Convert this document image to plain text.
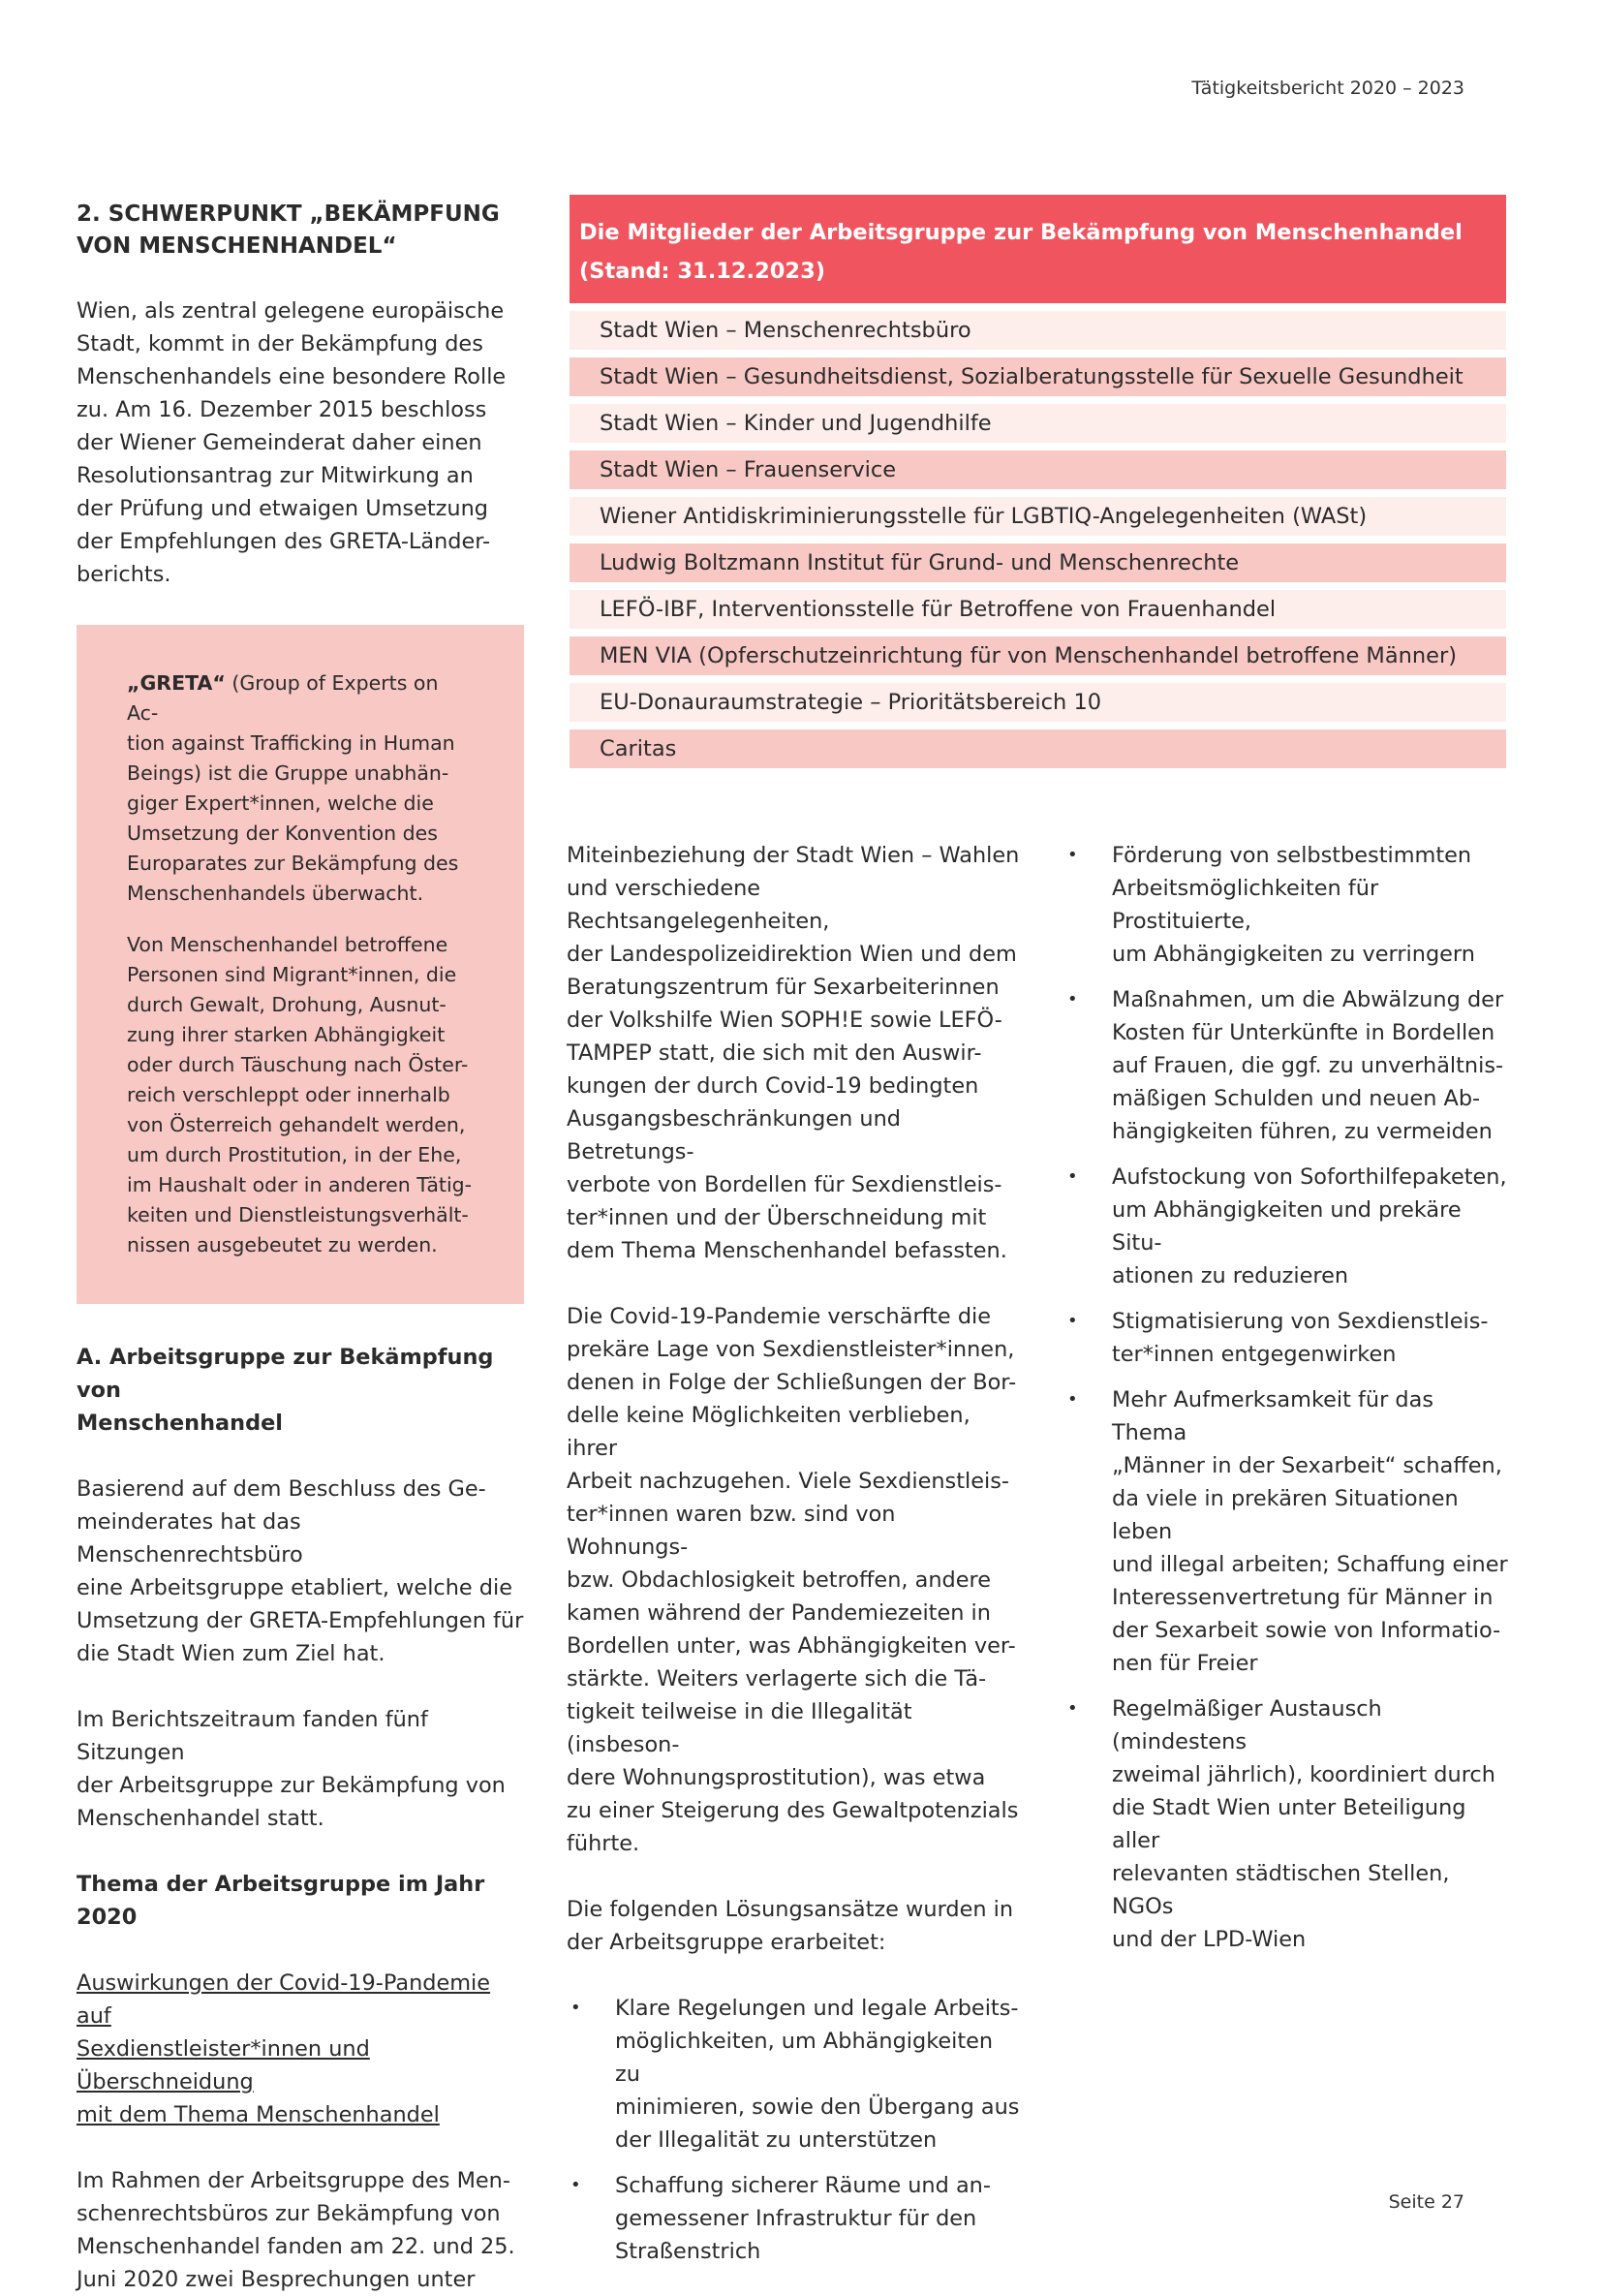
Tätigkeitsbericht 2020 – 2023

2. SCHWERPUNKT „BEKÄMPFUNG
VON MENSCHENHANDEL“

Wien, als zentral gelegene europäische
Stadt, kommt in der Bekämpfung des
Menschenhandels eine besondere Rolle
zu. Am 16. Dezember 2015 beschloss
der Wiener Gemeinderat daher einen
Resolutionsantrag zur Mitwirkung an
der Prüfung und etwaigen Umsetzung
der Empfehlungen des GRETA-Länder-
berichts.

„GRETA“ (Group of Experts on Ac-
tion against Trafficking in Human
Beings) ist die Gruppe unabhän-
giger Expert*innen, welche die
Umsetzung der Konvention des
Europarates zur Bekämpfung des
Menschenhandels überwacht.

Von Menschenhandel betroffene
Personen sind Migrant*innen, die
durch Gewalt, Drohung, Ausnut-
zung ihrer starken Abhängigkeit
oder durch Täuschung nach Öster-
reich verschleppt oder innerhalb
von Österreich gehandelt werden,
um durch Prostitution, in der Ehe,
im Haushalt oder in anderen Tätig-
keiten und Dienstleistungsverhält-
nissen ausgebeutet zu werden.

A. Arbeitsgruppe zur Bekämpfung von
Menschenhandel

Basierend auf dem Beschluss des Ge-
meinderates hat das Menschenrechtsbüro
eine Arbeitsgruppe etabliert, welche die
Umsetzung der GRETA-Empfehlungen für
die Stadt Wien zum Ziel hat.

Im Berichtszeitraum fanden fünf Sitzungen
der Arbeitsgruppe zur Bekämpfung von
Menschenhandel statt.

Thema der Arbeitsgruppe im Jahr 2020

Auswirkungen der Covid-19-Pandemie auf
Sexdienstleister*innen und Überschneidung
mit dem Thema Menschenhandel

Im Rahmen der Arbeitsgruppe des Men-
schenrechtsbüros zur Bekämpfung von
Menschenhandel fanden am 22. und 25.
Juni 2020 zwei Besprechungen unter

Die Mitglieder der Arbeitsgruppe zur Bekämpfung von Menschenhandel
(Stand: 31.12.2023)
Stadt Wien – Menschenrechtsbüro
Stadt Wien – Gesundheitsdienst, Sozialberatungsstelle für Sexuelle Gesundheit
Stadt Wien – Kinder und Jugendhilfe
Stadt Wien – Frauenservice
Wiener Antidiskriminierungsstelle für LGBTIQ-Angelegenheiten (WASt)
Ludwig Boltzmann Institut für Grund- und Menschenrechte
LEFÖ-IBF, Interventionsstelle für Betroffene von Frauenhandel
MEN VIA (Opferschutzeinrichtung für von Menschenhandel betroffene Männer)
EU-Donauraumstrategie – Prioritätsbereich 10
Caritas

Miteinbeziehung der Stadt Wien – Wahlen
und verschiedene Rechtsangelegenheiten,
der Landespolizeidirektion Wien und dem
Beratungszentrum für Sexarbeiterinnen
der Volkshilfe Wien SOPH!E sowie LEFÖ-
TAMPEP statt, die sich mit den Auswir-
kungen der durch Covid-19 bedingten
Ausgangsbeschränkungen und Betretungs-
verbote von Bordellen für Sexdienstleis-
ter*innen und der Überschneidung mit
dem Thema Menschenhandel befassten.

Die Covid-19-Pandemie verschärfte die
prekäre Lage von Sexdienstleister*innen,
denen in Folge der Schließungen der Bor-
delle keine Möglichkeiten verblieben, ihrer
Arbeit nachzugehen. Viele Sexdienstleis-
ter*innen waren bzw. sind von Wohnungs-
bzw. Obdachlosigkeit betroffen, andere
kamen während der Pandemiezeiten in
Bordellen unter, was Abhängigkeiten ver-
stärkte. Weiters verlagerte sich die Tä-
tigkeit teilweise in die Illegalität (insbeson-
dere Wohnungsprostitution), was etwa
zu einer Steigerung des Gewaltpotenzials
führte.

Die folgenden Lösungsansätze wurden in
der Arbeitsgruppe erarbeitet:

• Klare Regelungen und legale Arbeits-
möglichkeiten, um Abhängigkeiten zu
minimieren, sowie den Übergang aus
der Illegalität zu unterstützen
• Schaffung sicherer Räume und an-
gemessener Infrastruktur für den
Straßenstrich
• Förderung von selbstbestimmten
Arbeitsmöglichkeiten für Prostituierte,
um Abhängigkeiten zu verringern
• Maßnahmen, um die Abwälzung der
Kosten für Unterkünfte in Bordellen
auf Frauen, die ggf. zu unverhältnis-
mäßigen Schulden und neuen Ab-
hängigkeiten führen, zu vermeiden
• Aufstockung von Soforthilfepaketen,
um Abhängigkeiten und prekäre Situ-
ationen zu reduzieren
• Stigmatisierung von Sexdienstleis-
ter*innen entgegenwirken
• Mehr Aufmerksamkeit für das Thema
„Männer in der Sexarbeit“ schaffen,
da viele in prekären Situationen leben
und illegal arbeiten; Schaffung einer
Interessenvertretung für Männer in
der Sexarbeit sowie von Informatio-
nen für Freier
• Regelmäßiger Austausch (mindestens
zweimal jährlich), koordiniert durch
die Stadt Wien unter Beteiligung aller
relevanten städtischen Stellen, NGOs
und der LPD-Wien
Seite 27
